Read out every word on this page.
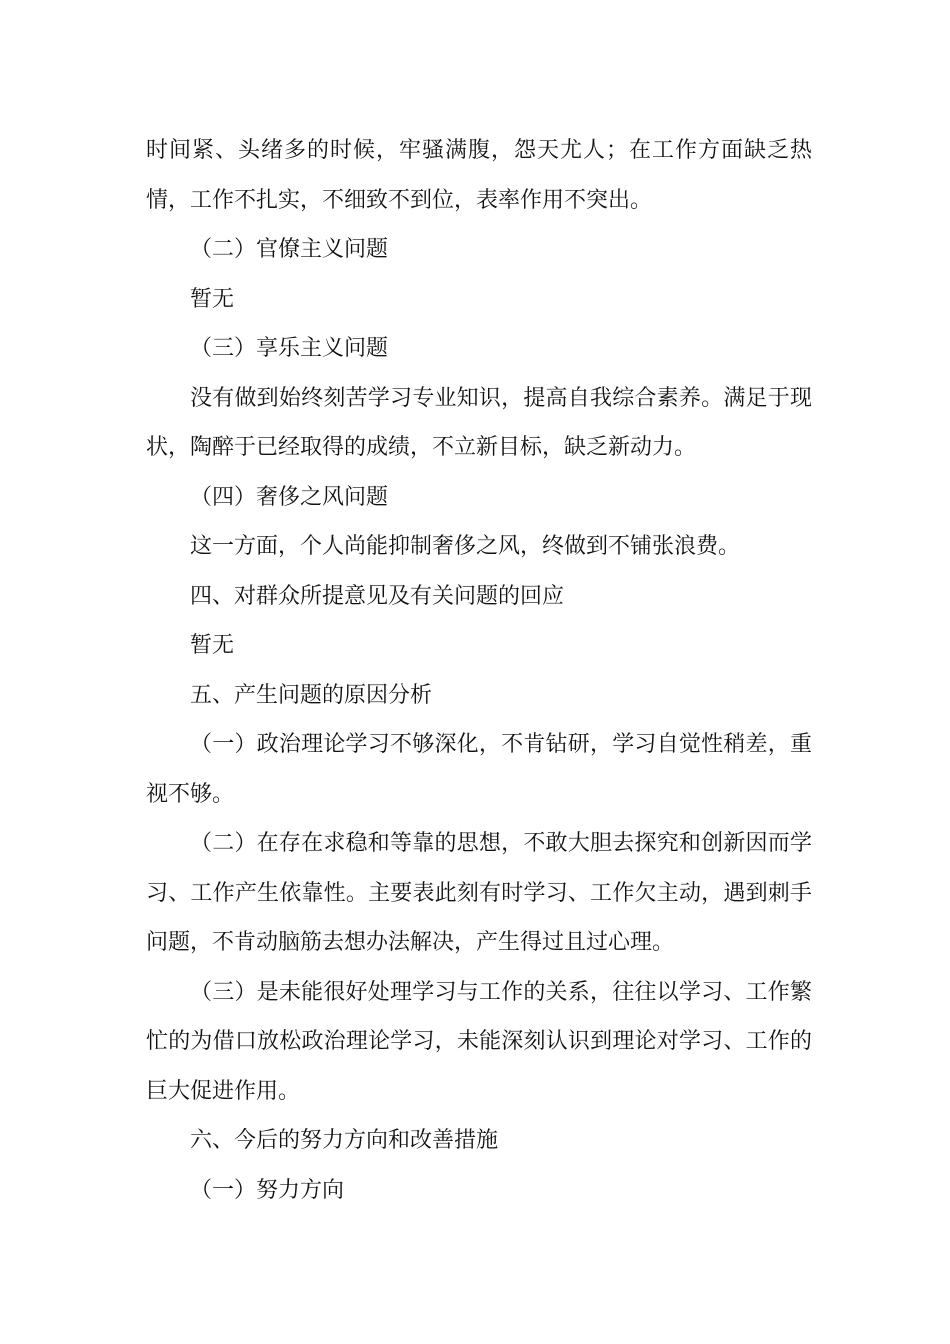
时间紧、头绪多的时候，牢骚满腹，怨天尤人；在工作方面缺乏热情，工作不扎实，不细致不到位，表率作用不突出。

（二）官僚主义问题

暂无

（三）享乐主义问题

没有做到始终刻苦学习专业知识，提高自我综合素养。满足于现状，陶醉于已经取得的成绩，不立新目标，缺乏新动力。

（四）奢侈之风问题

这一方面，个人尚能抑制奢侈之风，终做到不铺张浪费。

四、对群众所提意见及有关问题的回应

暂无

五、产生问题的原因分析

（一）政治理论学习不够深化，不肯钻研，学习自觉性稍差，重视不够。

（二）在存在求稳和等靠的思想，不敢大胆去探究和创新因而学习、工作产生依靠性。主要表此刻有时学习、工作欠主动，遇到刺手问题，不肯动脑筋去想办法解决，产生得过且过心理。

（三）是未能很好处理学习与工作的关系，往往以学习、工作繁忙的为借口放松政治理论学习，未能深刻认识到理论对学习、工作的巨大促进作用。

六、今后的努力方向和改善措施

（一）努力方向
